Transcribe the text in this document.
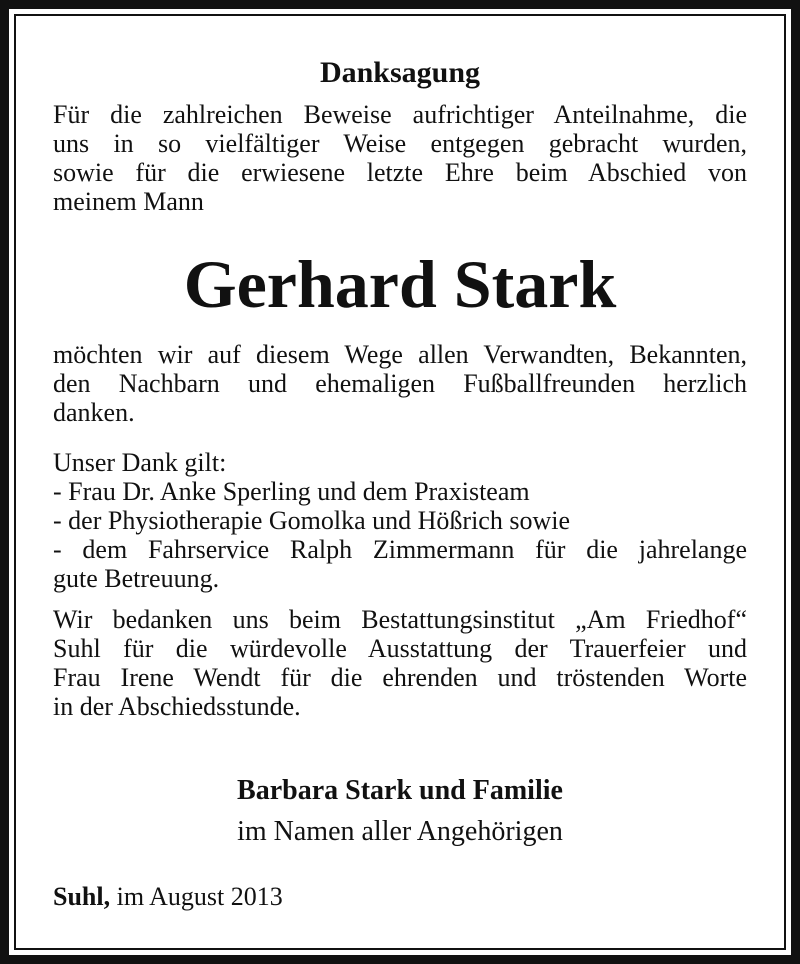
Danksagung
Für die zahlreichen Beweise aufrichtiger Anteilnahme, die
uns in so vielfältiger Weise entgegen gebracht wurden,
sowie für die erwiesene letzte Ehre beim Abschied von
meinem Mann
Gerhard Stark
möchten wir auf diesem Wege allen Verwandten, Bekannten,
den Nachbarn und ehemaligen Fußballfreunden herzlich
danken.
Unser Dank gilt:
- Frau Dr. Anke Sperling und dem Praxisteam
- der Physiotherapie Gomolka und Hößrich sowie
- dem Fahrservice Ralph Zimmermann für die jahrelange
gute Betreuung.
Wir bedanken uns beim Bestattungsinstitut „Am Friedhof“
Suhl für die würdevolle Ausstattung der Trauerfeier und
Frau Irene Wendt für die ehrenden und tröstenden Worte
in der Abschiedsstunde.
Barbara Stark und Familie
im Namen aller Angehörigen
Suhl, im August 2013
